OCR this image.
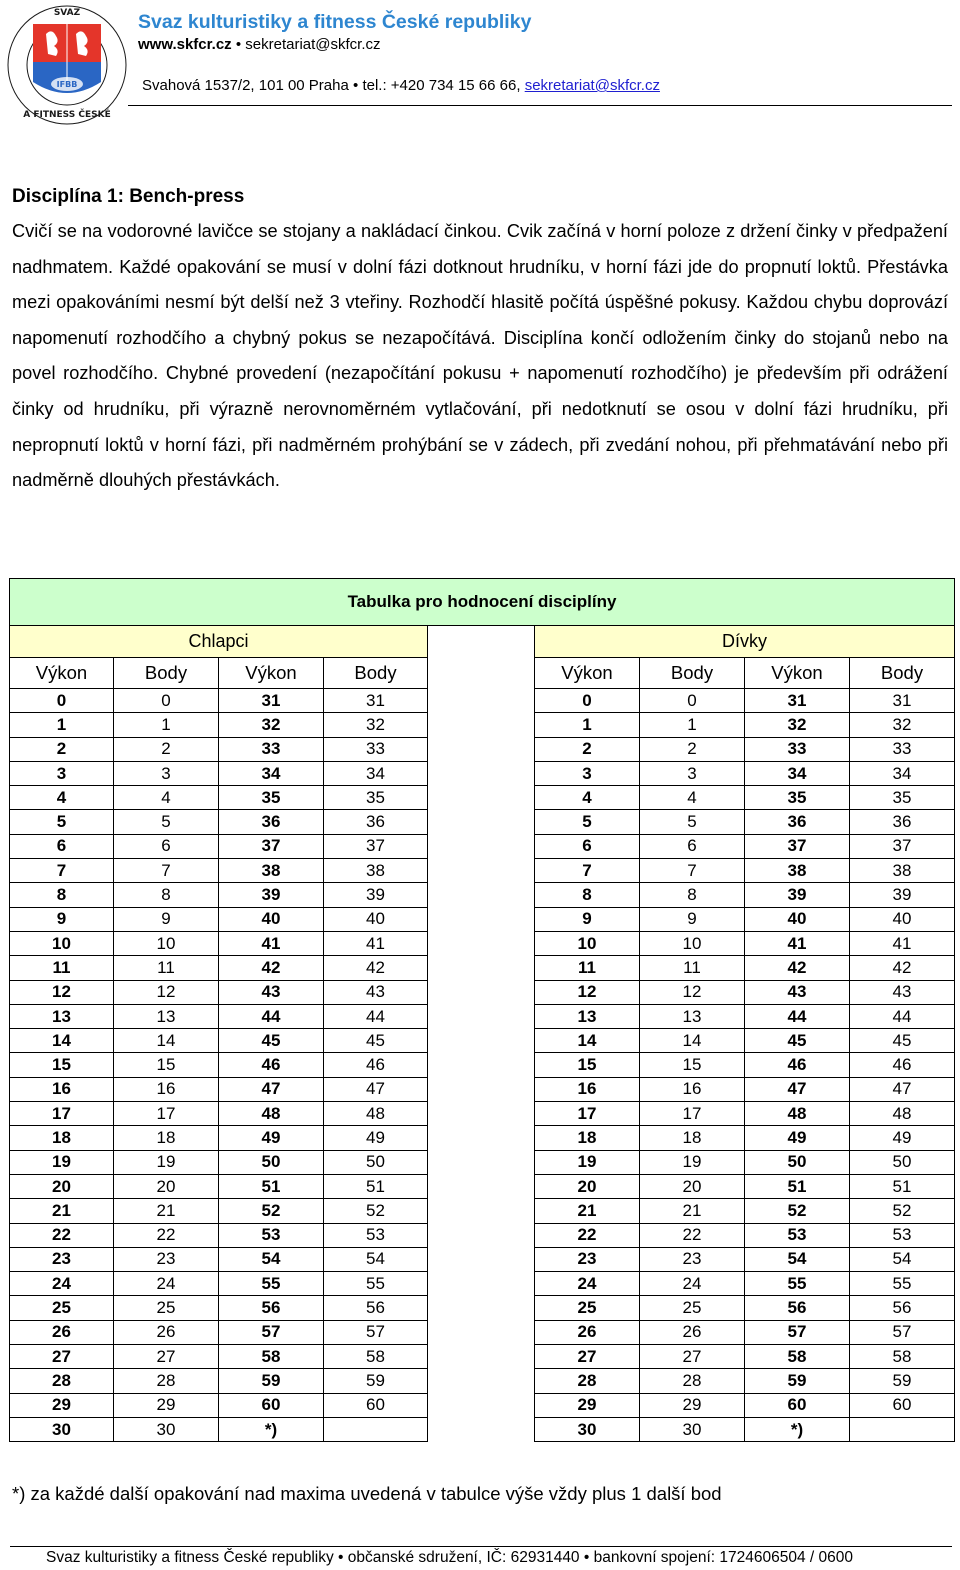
IFBB
A FITNESS ČESKÉ
SVAZ	Svaz kulturistiky a fitness České republiky
www.skfcr.cz • sekretariat@skfcr.cz
Svahová 1537/2, 101 00 Praha • tel.: +420 734 15 66 66, sekretariat@skfcr.cz
Disciplína 1: Bench-press

Cvičí se na vodorovné lavičce se stojany a nakládací činkou. Cvik začíná v horní poloze z držení činky v předpažení nadhmatem. Každé opakování se musí v dolní fázi dotknout hrudníku, v horní fázi jde do propnutí loktů. Přestávka mezi opakováními nesmí být delší než 3 vteřiny. Rozhodčí hlasitě počítá úspěšné pokusy. Každou chybu doprovází napomenutí rozhodčího a chybný pokus se nezapočítává. Disciplína končí odložením činky do stojanů nebo na povel rozhodčího. Chybné provedení (nezapočítání pokusu + napomenutí rozhodčího) je především při odrážení činky od hrudníku, při výrazně nerovnoměrném vytlačování, při nedotknutí se osou v dolní fázi hrudníku, při nepropnutí loktů v horní fázi, při nadměrném prohýbání se v zádech, při zvedání nohou, při přehmatávání nebo při nadměrně dlouhých přestávkách.

Tabulka pro hodnocení disciplíny								
Chlapci					Dívky			
Výkon	Body	Výkon	Body		Výkon	Body	Výkon	Body
0	0	31	31		0	0	31	31
1	1	32	32		1	1	32	32
2	2	33	33		2	2	33	33
3	3	34	34		3	3	34	34
4	4	35	35		4	4	35	35
5	5	36	36		5	5	36	36
6	6	37	37		6	6	37	37
7	7	38	38		7	7	38	38
8	8	39	39		8	8	39	39
9	9	40	40		9	9	40	40
10	10	41	41		10	10	41	41
11	11	42	42		11	11	42	42
12	12	43	43		12	12	43	43
13	13	44	44		13	13	44	44
14	14	45	45		14	14	45	45
15	15	46	46		15	15	46	46
16	16	47	47		16	16	47	47
17	17	48	48		17	17	48	48
18	18	49	49		18	18	49	49
19	19	50	50		19	19	50	50
20	20	51	51		20	20	51	51
21	21	52	52		21	21	52	52
22	22	53	53		22	22	53	53
23	23	54	54		23	23	54	54
24	24	55	55		24	24	55	55
25	25	56	56		25	25	56	56
26	26	57	57		26	26	57	57
27	27	58	58		27	27	58	58
28	28	59	59		28	28	59	59
29	29	60	60		29	29	60	60
30	30	*)			30	30	*)	
*) za každé další opakování nad maxima uvedená v tabulce výše vždy plus 1 další bod
Svaz kulturistiky a fitness České republiky • občanské sdružení, IČ: 62931440 • bankovní spojení: 1724606504 / 0600
